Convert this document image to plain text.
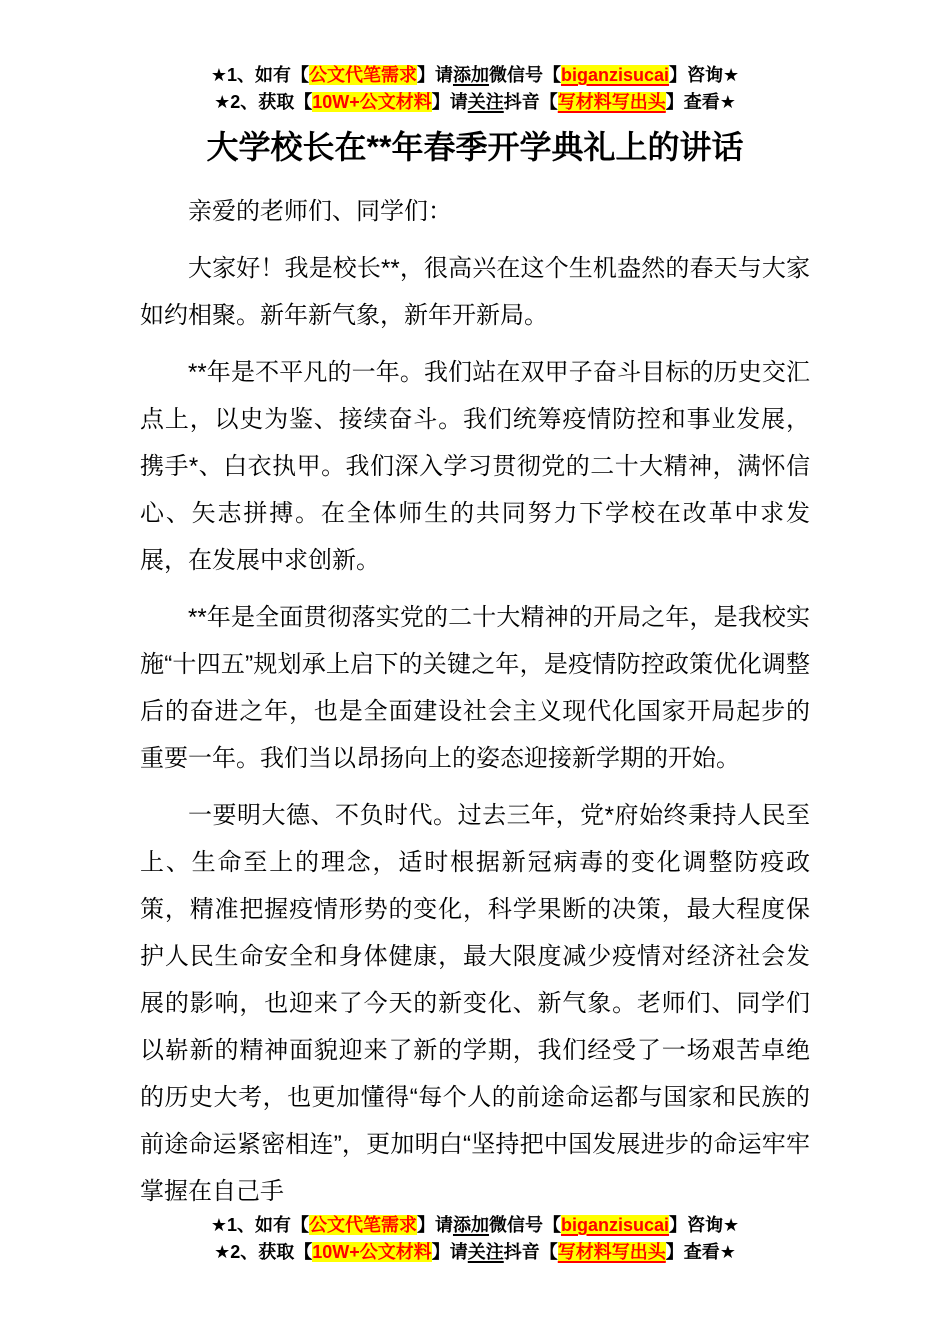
★1、如有【公文代笔需求】请添加微信号【biganzisucai】咨询★
★2、获取【10W+公文材料】请关注抖音【写材料写出头】查看★
大学校长在**年春季开学典礼上的讲话

亲爱的老师们、同学们：

大家好！我是校长**，很高兴在这个生机盎然的春天与大家如约相聚。新年新气象，新年开新局。

**年是不平凡的一年。我们站在双甲子奋斗目标的历史交汇点上，以史为鉴、接续奋斗。我们统筹疫情防控和事业发展，携手*、白衣执甲。我们深入学习贯彻党的二十大精神，满怀信心、矢志拼搏。在全体师生的共同努力下学校在改革中求发展，在发展中求创新。

**年是全面贯彻落实党的二十大精神的开局之年，是我校实施“十四五”规划承上启下的关键之年，是疫情防控政策优化调整后的奋进之年，也是全面建设社会主义现代化国家开局起步的重要一年。我们当以昂扬向上的姿态迎接新学期的开始。

一要明大德、不负时代。过去三年，党*府始终秉持人民至上、生命至上的理念，适时根据新冠病毒的变化调整防疫政策，精准把握疫情形势的变化，科学果断的决策，最大程度保护人民生命安全和身体健康，最大限度减少疫情对经济社会发展的影响，也迎来了今天的新变化、新气象。老师们、同学们以崭新的精神面貌迎来了新的学期，我们经受了一场艰苦卓绝的历史大考，也更加懂得“每个人的前途命运都与国家和民族的前途命运紧密相连”，更加明白“坚持把中国发展进步的命运牢牢掌握在自己手

★1、如有【公文代笔需求】请添加微信号【biganzisucai】咨询★
★2、获取【10W+公文材料】请关注抖音【写材料写出头】查看★
